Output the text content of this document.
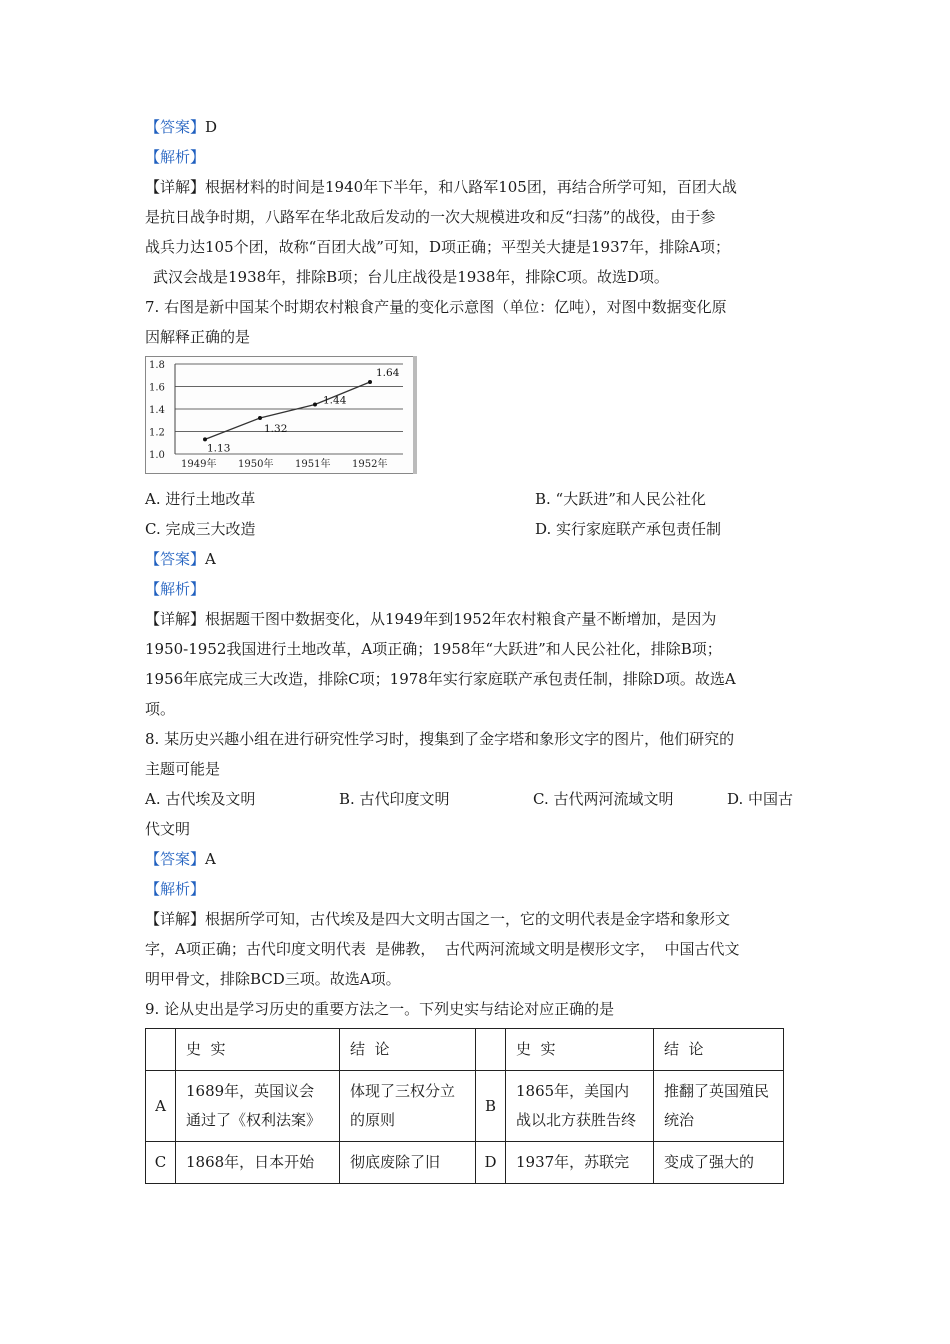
【答案】D
【解析】
【详解】根据材料的时间是1940年下半年，和八路军105团，再结合所学可知，百团大战
是抗日战争时期，八路军在华北敌后发动的一次大规模进攻和反“扫荡”的战役，由于参
战兵力达105个团，故称“百团大战”可知，D项正确；平型关大捷是1937年，排除A项；
武汉会战是1938年，排除B项；台儿庄战役是1938年，排除C项。故选D项。
7. 右图是新中国某个时期农村粮食产量的变化示意图（单位：亿吨），对图中数据变化原
因解释正确的是
1.0
1.2
1.4
1.6
1.8
1949年 1950年 1951年 1952年
1.13
1.32
1.44
1.64
A. 进行土地改革	B. “大跃进”和人民公社化
C. 完成三大改造	D. 实行家庭联产承包责任制
【答案】A
【解析】
【详解】根据题干图中数据变化，从1949年到1952年农村粮食产量不断增加，是因为
1950-1952我国进行土地改革，A项正确；1958年“大跃进”和人民公社化，排除B项；
1956年底完成三大改造，排除C项；1978年实行家庭联产承包责任制，排除D项。故选A
项。
8. 某历史兴趣小组在进行研究性学习时，搜集到了金字塔和象形文字的图片，他们研究的
主题可能是
A. 古代埃及文明	B. 古代印度文明	C. 古代两河流域文明	D. 中国古
代文明
【答案】A
【解析】
【详解】根据所学可知，古代埃及是四大文明古国之一，它的文明代表是金字塔和象形文
字，A项正确；古代印度文明代表  是佛教，  古代两河流域文明是楔形文字，  中国古代文
明甲骨文，排除BCD三项。故选A项。
9. 论从史出是学习历史的重要方法之一。下列史实与结论对应正确的是
	史  实	结  论		史  实	结  论
A	1689年，英国议会通过了《权利法案》	体现了三权分立的原则	B	1865年，美国内战以北方获胜告终	推翻了英国殖民统治
C	1868年，日本开始	彻底废除了旧	D	1937年，苏联完	变成了强大的
